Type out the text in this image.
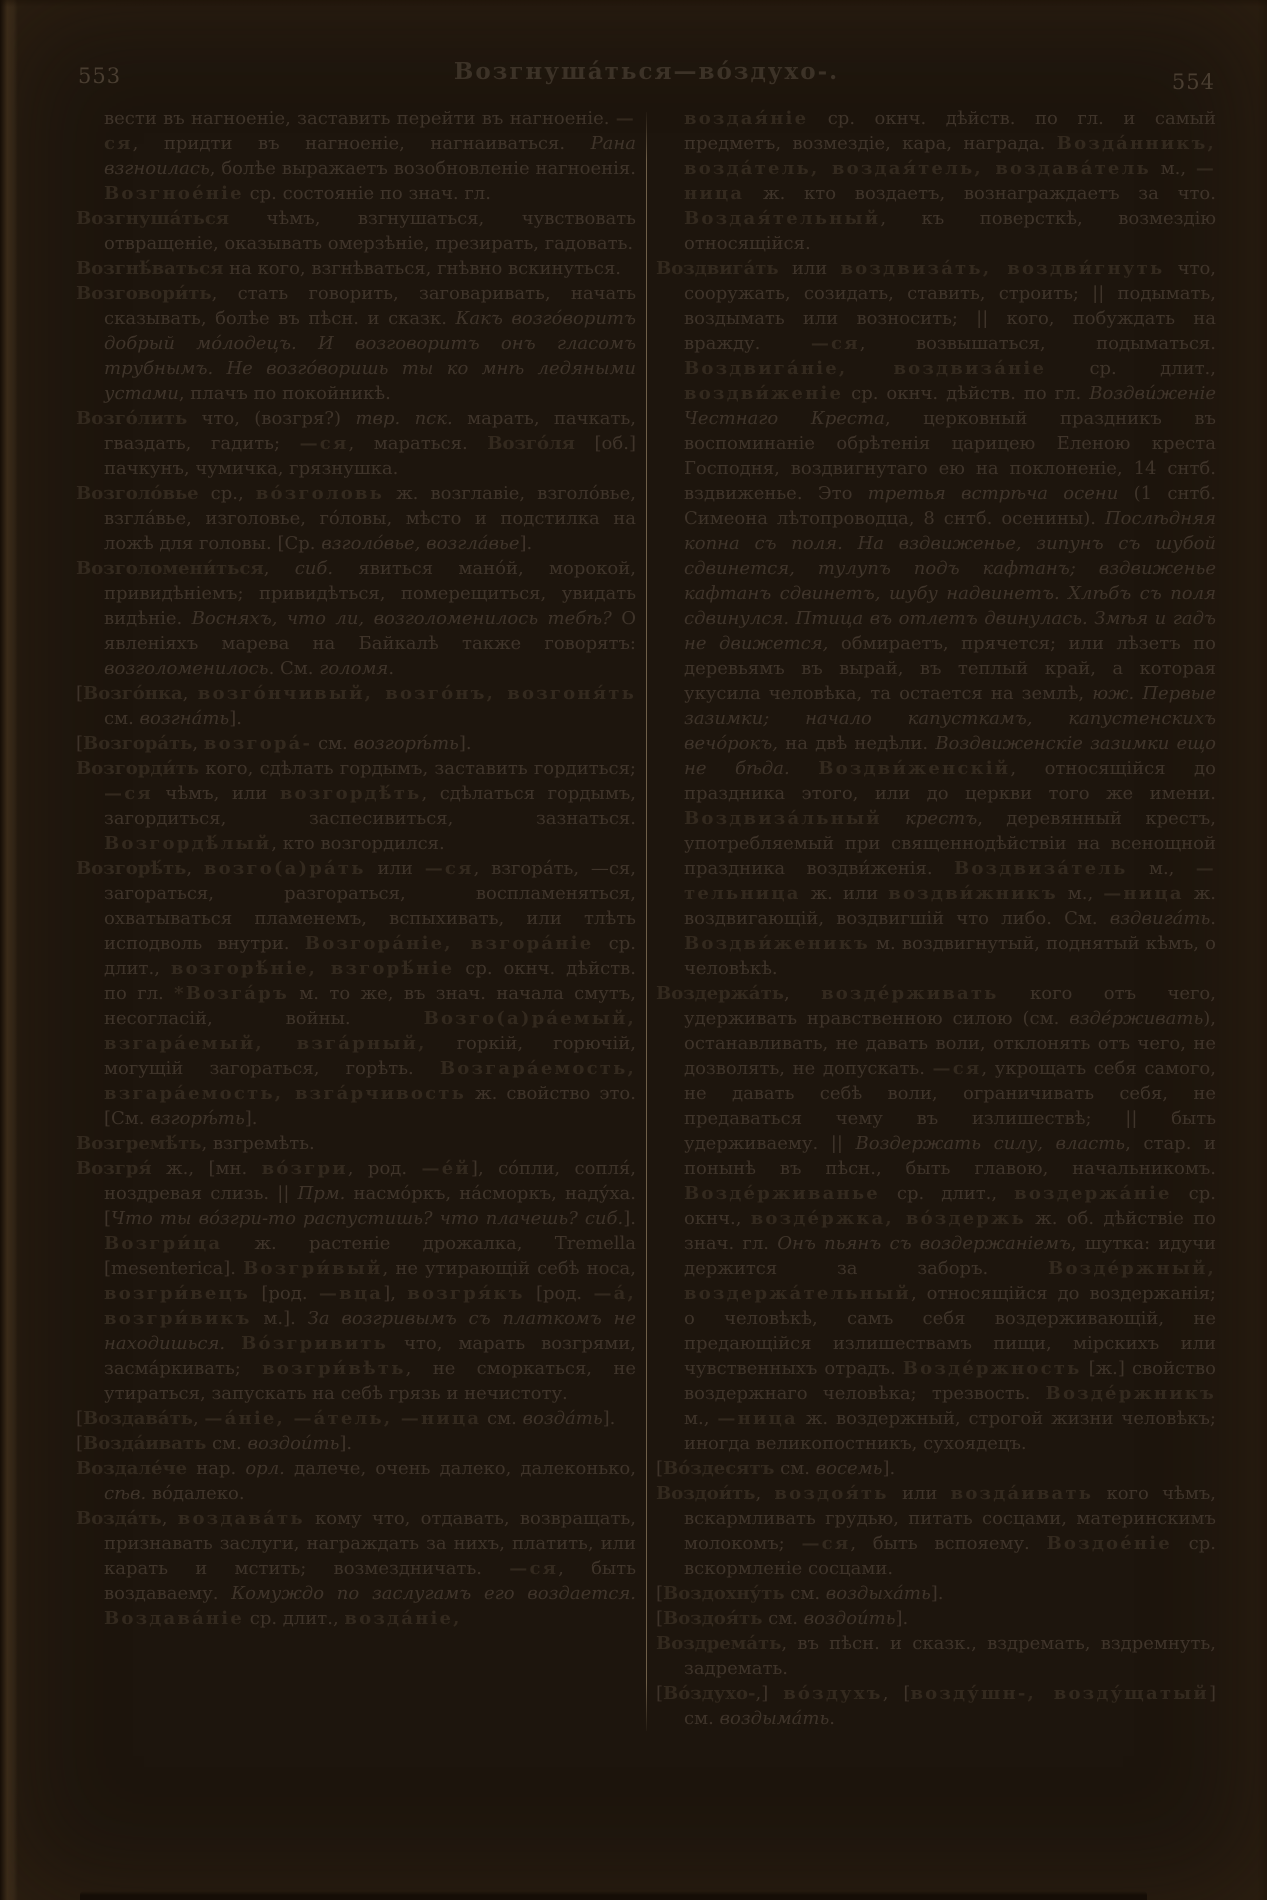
553	Возгнуша́ться—во́здухо-.	554

вести въ нагноеніе, заставить перейти въ нагноеніе. —ся, придти въ нагноеніе, нагнаиваться. Рана взгноилась, болѣе выражаетъ возобновленіе нагноенія. Возгное́ніе ср. состояніе по знач. гл.

Возгнуша́ться чѣмъ, взгнушаться, чувствовать отвращеніе, оказывать омерзѣніе, презирать, гадовать.

Возгнѣ́ваться на кого, взгнѣваться, гнѣвно вскинуться.

Возговори́ть, стать говорить, заговаривать, начать сказывать, болѣе въ пѣсн. и сказк. Какъ возго́воритъ добрый мо́лодецъ. И возговоритъ онъ гласомъ трубнымъ. Не возго́воришь ты ко мнѣ ледяными устами, плачъ по покойникѣ.

Возго́лить что, (возгря?) твр. пск. марать, пачкать, гваздать, гадить; —ся, мараться. Возго́ля [об.] пачкунъ, чумичка, грязнушка.

Возголо́вье ср., во́зголовь ж. возглавіе, взголо́вье, взгла́вье, изголовье, го́ловы, мѣсто и подстилка на ложѣ для головы. [Ср. взголо́вье, возгла́вье].

Возголомени́ться, сиб. явиться мано́й, морокой, привидѣніемъ; привидѣться, померещиться, увидать видѣніе. Восняхъ, что ли, возголоменилось тебѣ? О явленіяхъ марева на Байкалѣ также говорятъ: возголоменилось. См. голомя.

[Возго́нка, возго́нчивый, возго́нъ, возгоня́ть см. возгна́ть].

[Возгора́ть, возгора́- см. возгорѣ́ть].

Возгорди́ть кого, сдѣлать гордымъ, заставить гордиться; —ся чѣмъ, или возгордѣ́ть, сдѣлаться гордымъ, загордиться, заспесивиться, зазнаться. Возгордѣ́лый, кто возгордился.

Возгорѣ́ть, возго(а)ра́ть или —ся, взгора́ть, —ся, загораться, разгораться, воспламеняться, охватываться пламенемъ, вспыхивать, или тлѣть исподволь внутри. Возгора́ніе, взгора́ніе ср. длит., возгорѣ́ніе, взгорѣ́ніе ср. окнч. дѣйств. по гл. *Возга́ръ м. то же, въ знач. начала смутъ, несогласій, войны. Возго(а)ра́емый, взгара́емый, взга́рный, горкій, горючій, могущій загораться, горѣть. Возгара́емость, взгара́емость, взга́рчивость ж. свойство это. [См. взгорѣ́ть].

Возгремѣ́ть, взгремѣть.

Возгря́ ж., [мн. во́згри, род. —е́й], со́пли, сопля́, ноздревая слизь. || Прм. насмо́ркъ, на́сморкъ, наду́ха. [Что ты во́згри-то распустишь? что плачешь? сиб.]. Возгри́ца ж. растеніе дрожалка, Tremella [mesenterica]. Возгри́вый, не утирающій себѣ носа, возгри́вецъ [род. —вца], возгря́къ [род. —а́, возгри́викъ м.]. За возгривымъ съ платкомъ не находишься. Во́згривить что, марать возгрями, засма́ркивать; возгри́вѣть, не сморкаться, не утираться, запускать на себѣ грязь и нечистоту.

[Воздава́ть, —а́ніе, —а́тель, —ница см. возда́ть].

[Возда́ивать см. воздои́ть].

Воздале́че нар. орл. далече, очень далеко, далеконько, сѣв. во́далеко.

Возда́ть, воздава́ть кому что, отдавать, возвращать, признавать заслуги, награждать за нихъ, платить, или карать и мстить; возмездничать. —ся, быть воздаваему. Комуждо по заслугамъ его воздается. Воздава́ніе ср. длит., возда́ніе,

воздая́ніе ср. окнч. дѣйств. по гл. и самый предметъ, возмездіе, кара, награда. Возда́нникъ, возда́тель, воздая́тель, воздава́тель м., —ница ж. кто воздаетъ, вознаграждаетъ за что. Воздая́тельный, къ поверсткѣ, возмездію относящійся.

Воздвига́ть или воздвиза́ть, воздви́гнуть что, сооружать, созидать, ставить, строить; || подымать, воздымать или возносить; || кого, побуждать на вражду. —ся, возвышаться, подыматься. Воздвига́ніе, воздвиза́ніе ср. длит., воздви́женіе ср. окнч. дѣйств. по гл. Воздви́женіе Честнаго Креста, церковный праздникъ въ воспоминаніе обрѣтенія царицею Еленою креста Господня, воздвигнутаго ею на поклоненіе, 14 снтб. вздвиженье. Это третья встрѣча осени (1 снтб. Симеона лѣтопроводца, 8 снтб. осенины). Послѣдняя копна съ поля. На вздвиженье, зипунъ съ шубой сдвинется, тулупъ подъ кафтанъ; вздвиженье кафтанъ сдвинетъ, шубу надвинетъ. Хлѣбъ съ поля сдвинулся. Птица въ отлетъ двинулась. Змѣя и гадъ не движется, обмираетъ, прячется; или лѣзетъ по деревьямъ въ вырай, въ теплый край, а которая укусила человѣка, та остается на землѣ, юж. Первые зазимки; начало капусткамъ, капустенскихъ вечо́рокъ, на двѣ недѣли. Воздвиженскіе зазимки ещо не бѣда. Воздви́женскій, относящійся до праздника этого, или до церкви того же имени. Воздвиза́льный крестъ, деревянный крестъ, употребляемый при священнодѣйствіи на всенощной праздника воздви́женія. Воздвиза́тель м., —тельница ж. или воздви́жникъ м., —ница ж. воздвигающій, воздвигшій что либо. См. вздвига́ть. Воздви́женикъ м. воздвигнутый, поднятый кѣмъ, о человѣкѣ.

Воздержа́ть, воздéрживать кого отъ чего, удерживать нравственною силою (см. вздéрживать), останавливать, не давать воли, отклонять отъ чего, не дозволять, не допускать. —ся, укрощать себя самого, не давать себѣ воли, ограничивать себя, не предаваться чему въ излишествѣ; || быть удерживаему. || Воздержать силу, власть, стар. и понынѣ въ пѣсн., быть главою, начальникомъ. Воздéрживанье ср. длит., воздержа́ніе ср. окнч., воздéржка, во́здержь ж. об. дѣйствіе по знач. гл. Онъ пьянъ съ воздержаніемъ, шутка: идучи держится за заборъ. Воздéржный, воздержа́тельный, относящійся до воздержанія; о человѣкѣ, самъ себя воздерживающій, не предающійся излишествамъ пищи, мірскихъ или чувственныхъ отрадъ. Воздéржность [ж.] свойство воздержнаго человѣка; трезвость. Воздéржникъ м., —ница ж. воздержный, строгой жизни человѣкъ; иногда великопостникъ, сухоядецъ.

[Во́здесятъ см. восемь].

Воздои́ть, воздоя́ть или возда́ивать кого чѣмъ, вскармливать грудью, питать сосцами, материнскимъ молокомъ; —ся, быть вспояему. Воздое́ніе ср. вскормленіе сосцами.

[Воздохну́ть см. воздыха́ть].

[Воздоя́ть см. воздои́ть].

Воздрема́ть, въ пѣсн. и сказк., вздремать, вздремнуть, задремать.

[Во́здухо-,] во́здухъ, [возду́шн-, возду́щатый] см. воздыма́ть.
